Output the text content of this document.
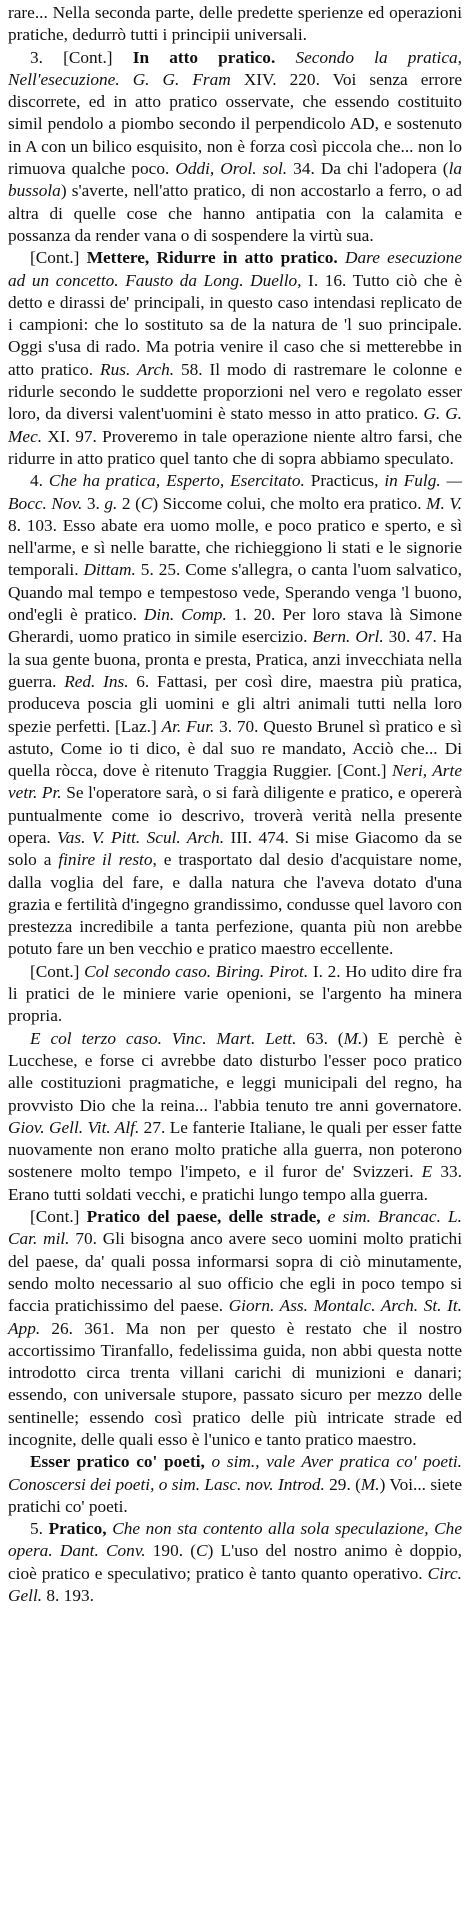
rare... Nella seconda parte, delle predette sperienze ed operazioni pratiche, dedurrò tutti i principii universali.

3. [Cont.] In atto pratico. Secondo la pratica, Nell'esecuzione. G. G. Fram XIV. 220. Voi senza errore discorrete, ed in atto pratico osservate, che essendo costituito simil pendolo a piombo secondo il perpendicolo AD, e sostenuto in A con un bilico esquisito, non è forza così piccola che... non lo rimuova qualche poco. Oddi, Orol. sol. 34. Da chi l'adopera (la bussola) s'averte, nell'atto pratico, di non accostarlo a ferro, o ad altra di quelle cose che hanno antipatia con la calamita e possanza da render vana o di sospendere la virtù sua.

[Cont.] Mettere, Ridurre in atto pratico. Dare esecuzione ad un concetto. Fausto da Long. Duello, I. 16. Tutto ciò che è detto e dirassi de' principali, in questo caso intendasi replicato de i campioni: che lo sostituto sa de la natura de 'l suo principale. Oggi s'usa di rado. Ma potria venire il caso che si metterebbe in atto pratico. Rus. Arch. 58. Il modo di rastremare le colonne e ridurle secondo le suddette proporzioni nel vero e regolato esser loro, da diversi valent'uomini è stato messo in atto pratico. G. G. Mec. XI. 97. Proveremo in tale operazione niente altro farsi, che ridurre in atto pratico quel tanto che di sopra abbiamo speculato.

4. Che ha pratica, Esperto, Esercitato. Practicus, in Fulg. — Bocc. Nov. 3. g. 2 (C) Siccome colui, che molto era pratico. M. V. 8. 103. Esso abate era uomo molle, e poco pratico e sperto, e sì nell'arme, e sì nelle baratte, che richieggiono li stati e le signorie temporali. Dittam. 5. 25. Come s'allegra, o canta l'uom salvatico, Quando mal tempo e tempestoso vede, Sperando venga 'l buono, ond'egli è pratico. Din. Comp. 1. 20. Per loro stava là Simone Gherardi, uomo pratico in simile esercizio. Bern. Orl. 30. 47. Ha la sua gente buona, pronta e presta, Pratica, anzi invecchiata nella guerra. Red. Ins. 6. Fattasi, per così dire, maestra più pratica, produceva poscia gli uomini e gli altri animali tutti nella loro spezie perfetti. [Laz.] Ar. Fur. 3. 70. Questo Brunel sì pratico e sì astuto, Come io ti dico, è dal suo re mandato, Acciò che... Di quella ròcca, dove è ritenuto Traggia Ruggier. [Cont.] Neri, Arte vetr. Pr. Se l'operatore sarà, o si farà diligente e pratico, e opererà puntualmente come io descrivo, troverà verità nella presente opera. Vas. V. Pitt. Scul. Arch. III. 474. Si mise Giacomo da se solo a finire il resto, e trasportato dal desio d'acquistare nome, dalla voglia del fare, e dalla natura che l'aveva dotato d'una grazia e fertilità d'ingegno grandissimo, condusse quel lavoro con prestezza incredibile a tanta perfezione, quanta più non arebbe potuto fare un ben vecchio e pratico maestro eccellente.

[Cont.] Col secondo caso. Biring. Pirot. I. 2. Ho udito dire fra li pratici de le miniere varie openioni, se l'argento ha minera propria.

E col terzo caso. Vinc. Mart. Lett. 63. (M.) E perchè è Lucchese, e forse ci avrebbe dato disturbo l'esser poco pratico alle costituzioni pragmatiche, e leggi municipali del regno, ha provvisto Dio che la reina... l'abbia tenuto tre anni governatore. Giov. Gell. Vit. Alf. 27. Le fanterie Italiane, le quali per esser fatte nuovamente non erano molto pratiche alla guerra, non poterono sostenere molto tempo l'impeto, e il furor de' Svizzeri. E 33. Erano tutti soldati vecchi, e pratichi lungo tempo alla guerra.

[Cont.] Pratico del paese, delle strade, e sim. Brancac. L. Car. mil. 70. Gli bisogna anco avere seco uomini molto pratichi del paese, da' quali possa informarsi sopra di ciò minutamente, sendo molto necessario al suo officio che egli in poco tempo si faccia pratichissimo del paese. Giorn. Ass. Montalc. Arch. St. It. App. 26. 361. Ma non per questo è restato che il nostro accortissimo Tiranfallo, fedelissima guida, non abbi questa notte introdotto circa trenta villani carichi di munizioni e danari; essendo, con universale stupore, passato sicuro per mezzo delle sentinelle; essendo così pratico delle più intricate strade ed incognite, delle quali esso è l'unico e tanto pratico maestro.

Esser pratico co' poeti, o sim., vale Aver pratica co' poeti. Conoscersi dei poeti, o sim. Lasc. nov. Introd. 29. (M.) Voi... siete pratichi co' poeti.

5. Pratico, Che non sta contento alla sola speculazione, Che opera. Dant. Conv. 190. (C) L'uso del nostro animo è doppio, cioè pratico e speculativo; pratico è tanto quanto operativo. Circ. Gell. 8. 193.
